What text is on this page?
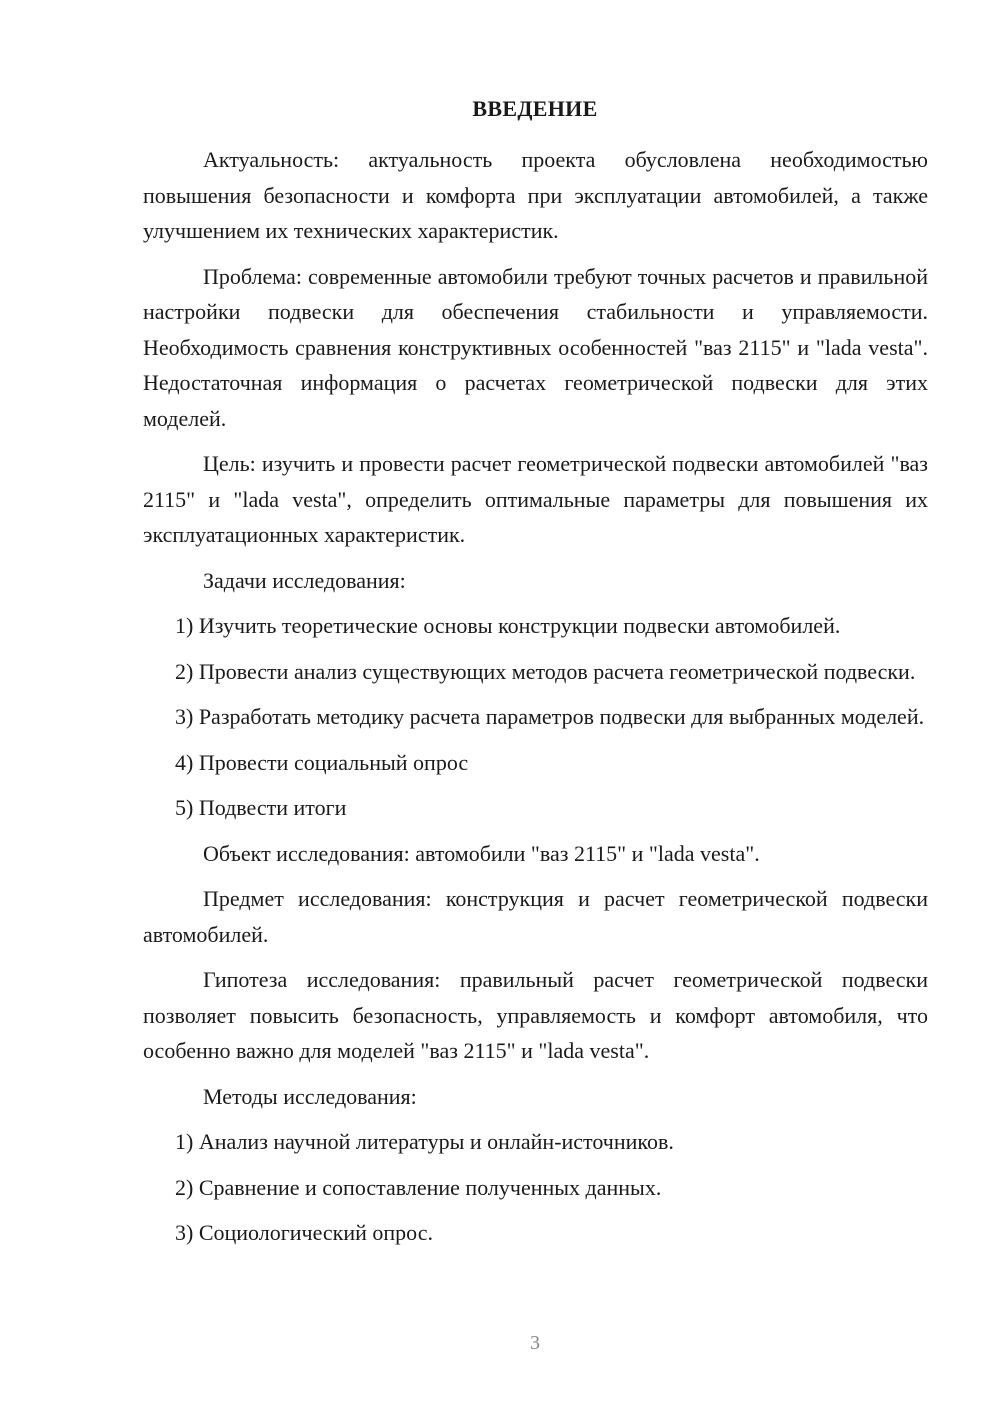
ВВЕДЕНИЕ

Актуальность: актуальность проекта обусловлена необходимостью повышения безопасности и комфорта при эксплуатации автомобилей, а также улучшением их технических характеристик.

Проблема: современные автомобили требуют точных расчетов и правильной настройки подвески для обеспечения стабильности и управляемости. Необходимость сравнения конструктивных особенностей "ваз 2115" и "lada vesta". Недостаточная информация о расчетах геометрической подвески для этих моделей.

Цель: изучить и провести расчет геометрической подвески автомобилей "ваз 2115" и "lada vesta", определить оптимальные параметры для повышения их эксплуатационных характеристик.

Задачи исследования:

1) Изучить теоретические основы конструкции подвески автомобилей.

2) Провести анализ существующих методов расчета геометрической подвески.

3) Разработать методику расчета параметров подвески для выбранных моделей.

4) Провести социальный опрос

5) Подвести итоги

Объект исследования: автомобили "ваз 2115" и "lada vesta".

Предмет исследования: конструкция и расчет геометрической подвески автомобилей.

Гипотеза исследования: правильный расчет геометрической подвески позволяет повысить безопасность, управляемость и комфорт автомобиля, что особенно важно для моделей "ваз 2115" и "lada vesta".

Методы исследования:

1) Анализ научной литературы и онлайн-источников.

2) Сравнение и сопоставление полученных данных.

3) Социологический опрос.

3
